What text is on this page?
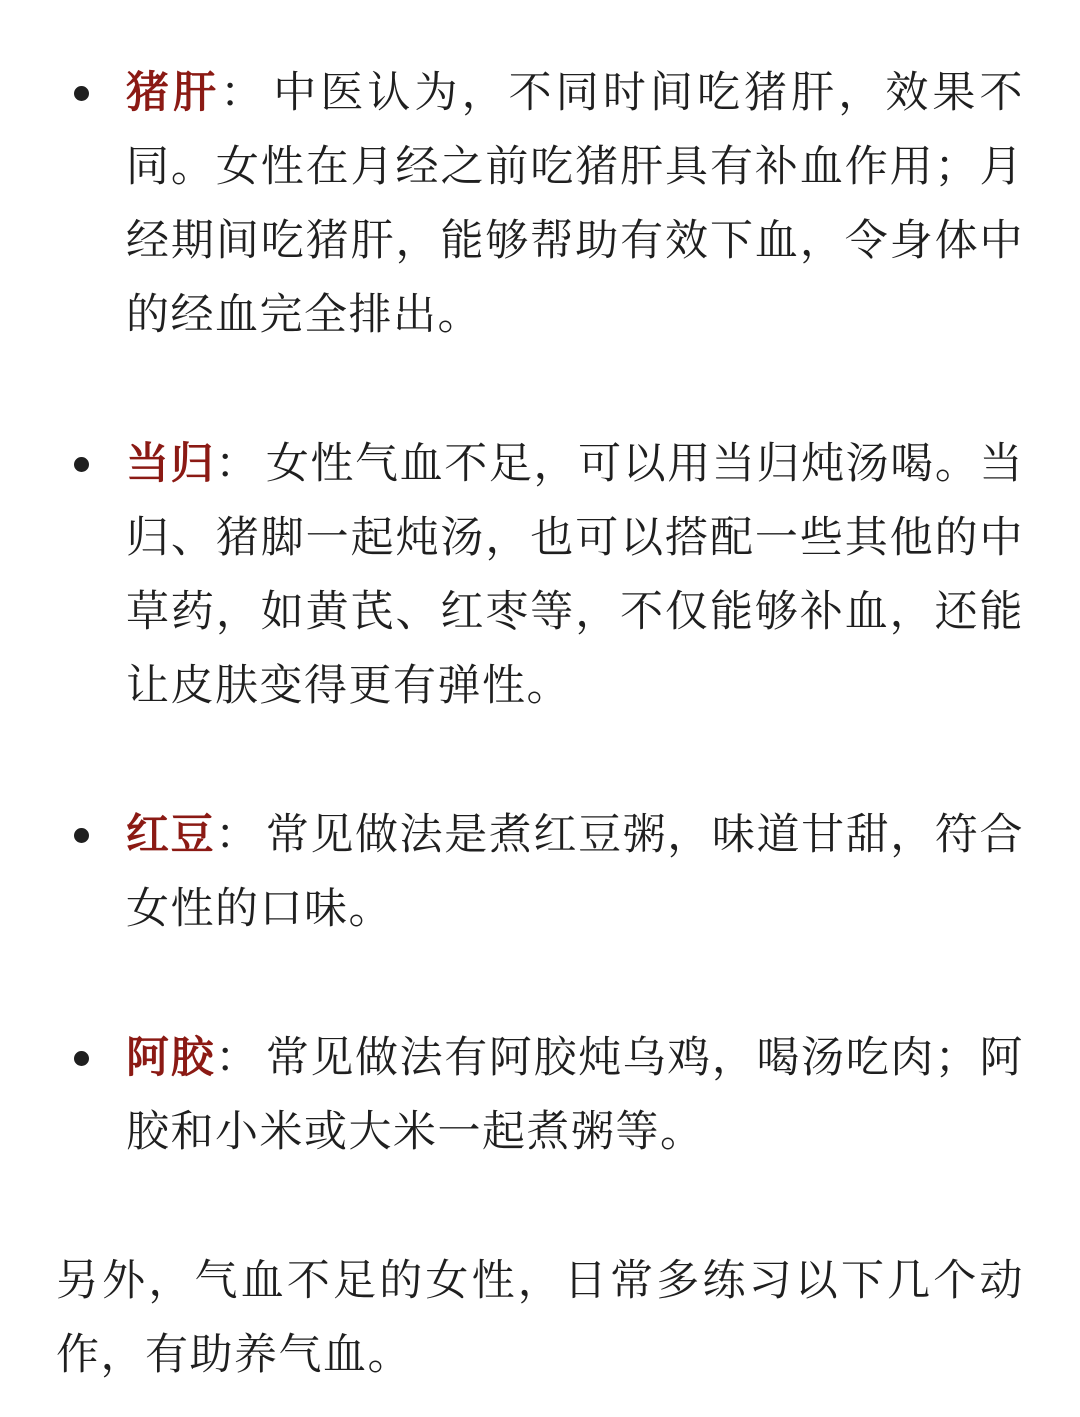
猪肝： 中医认为，不同时间吃猪肝，效果不同。女性在月经之前吃猪肝具有补血作用；月经期间吃猪肝，能够帮助有效下血，令身体中的经血完全排出。
当归： 女性气血不足，可以用当归炖汤喝。当归、猪脚一起炖汤，也可以搭配一些其他的中草药，如黄芪、红枣等，不仅能够补血，还能让皮肤变得更有弹性。
红豆： 常见做法是煮红豆粥，味道甘甜，符合女性的口味。
阿胶： 常见做法有阿胶炖乌鸡，喝汤吃肉；阿胶和小米或大米一起煮粥等。

另外，气血不足的女性，日常多练习以下几个动作，有助养气血。
